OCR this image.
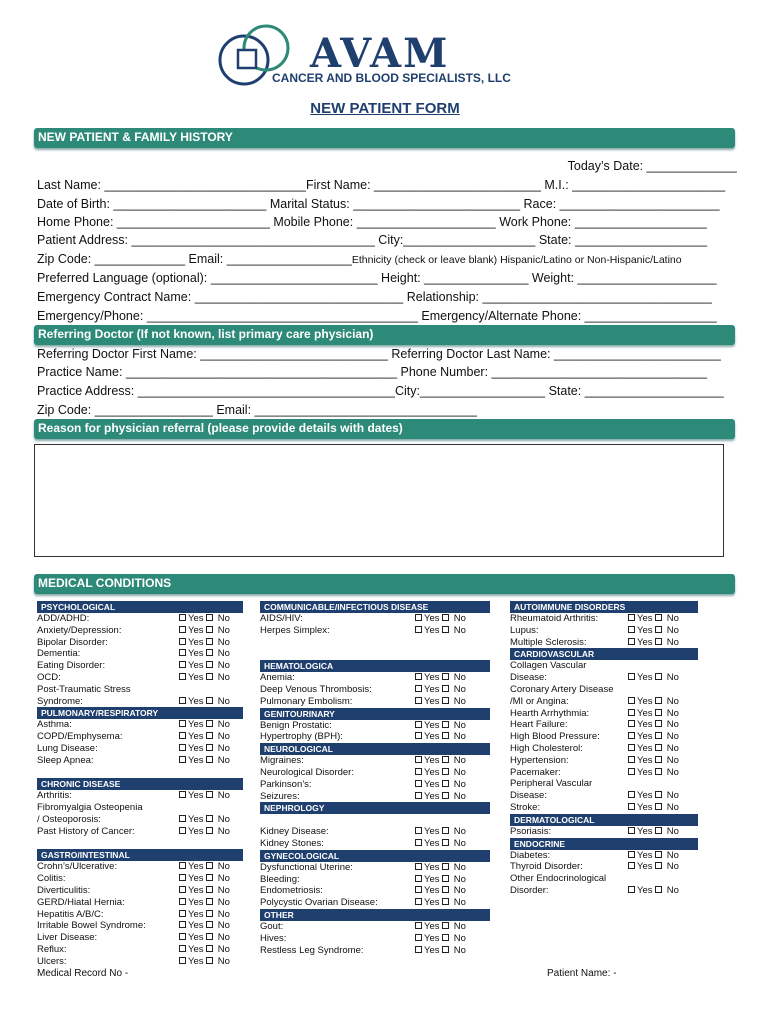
AVAM
CANCER AND BLOOD SPECIALISTS, LLC
NEW PATIENT FORM
NEW PATIENT & FAMILY HISTORY
Today’s Date: _____________
Last Name: _____________________________First Name: ________________________ M.I.: ______________________
Date of Birth: ______________________ Marital Status: ________________________ Race: _______________________
Home Phone: ______________________ Mobile Phone: ____________________ Work Phone: ___________________
Patient Address: ___________________________________ City:___________________ State: ___________________
Zip Code: _____________ Email: __________________Ethnicity (check or leave blank) Hispanic/Latino or Non-Hispanic/Latino
Preferred Language (optional): ________________________ Height: _______________ Weight: ____________________
Emergency Contract Name: ______________________________ Relationship: _________________________________
Emergency/Phone: _______________________________________ Emergency/Alternate Phone: ___________________
Referring Doctor (If not known, list primary care physician)
Referring Doctor First Name: ___________________________ Referring Doctor Last Name: ________________________
Practice Name: _______________________________________ Phone Number: _______________________________
Practice Address: _____________________________________City:__________________ State: ____________________
Zip Code: _________________ Email: ________________________________
Reason for physician referral (please provide details with dates)
MEDICAL CONDITIONS
PSYCHOLOGICAL
ADD/ADHD:	Yes  No
Anxiety/Depression:	Yes  No
Bipolar Disorder:	Yes  No
Dementia:	Yes  No
Eating Disorder:	Yes  No
OCD:	Yes  No
Post-Traumatic Stress
Syndrome:	Yes  No
PULMONARY/RESPIRATORY
Asthma:	Yes  No
COPD/Emphysema:	Yes  No
Lung Disease:	Yes  No
Sleep Apnea:	Yes  No
CHRONIC DISEASE
Arthritis:	Yes  No
Fibromyalgia Osteopenia
/ Osteoporosis:	Yes  No
Past History of Cancer:	Yes  No
GASTRO/INTESTINAL
Crohn’s/Ulcerative:	Yes  No
Colitis:	Yes  No
Diverticulitis:	Yes  No
GERD/Hiatal Hernia:	Yes  No
Hepatitis A/B/C:	Yes  No
Irritable Bowel Syndrome:	Yes  No
Liver Disease:	Yes  No
Reflux:	Yes  No
Ulcers:	Yes  No
COMMUNICABLE/INFECTIOUS DISEASE
AIDS/HIV:	Yes  No
Herpes Simplex:	Yes  No
HEMATOLOGICA
Anemia:	Yes  No
Deep Venous Thrombosis:	Yes  No
Pulmonary Embolism:	Yes  No
GENITOURINARY
Benign Prostatic:	Yes  No
Hypertrophy (BPH):	Yes  No
NEUROLOGICAL
Migraines:	Yes  No
Neurological Disorder:	Yes  No
Parkinson’s:	Yes  No
Seizures:	Yes  No
NEPHROLOGY
Kidney Disease:	Yes  No
Kidney Stones:	Yes  No
GYNECOLOGICAL
Dysfunctional Uterine:	Yes  No
Bleeding:	Yes  No
Endometriosis:	Yes  No
Polycystic Ovarian Disease:	Yes  No
OTHER
Gout:	Yes  No
Hives:	Yes  No
Restless Leg Syndrome:	Yes  No
AUTOIMMUNE DISORDERS
Rheumatoid Arthritis:	Yes  No
Lupus:	Yes  No
Multiple Sclerosis:	Yes  No
CARDIOVASCULAR
Collagen Vascular
Disease:	Yes  No
Coronary Artery Disease
/MI or Angina:	Yes  No
Hearth Arrhythmia:	Yes  No
Heart Failure:	Yes  No
High Blood Pressure:	Yes  No
High Cholesterol:	Yes  No
Hypertension:	Yes  No
Pacemaker:	Yes  No
Peripheral Vascular
Disease:	Yes  No
Stroke:	Yes  No
DERMATOLOGICAL
Psoriasis:	Yes  No
ENDOCRINE
Diabetes:	Yes  No
Thyroid Disorder:	Yes  No
Other Endocrinological
Disorder:	Yes  No
Medical Record No -	Patient Name: -
